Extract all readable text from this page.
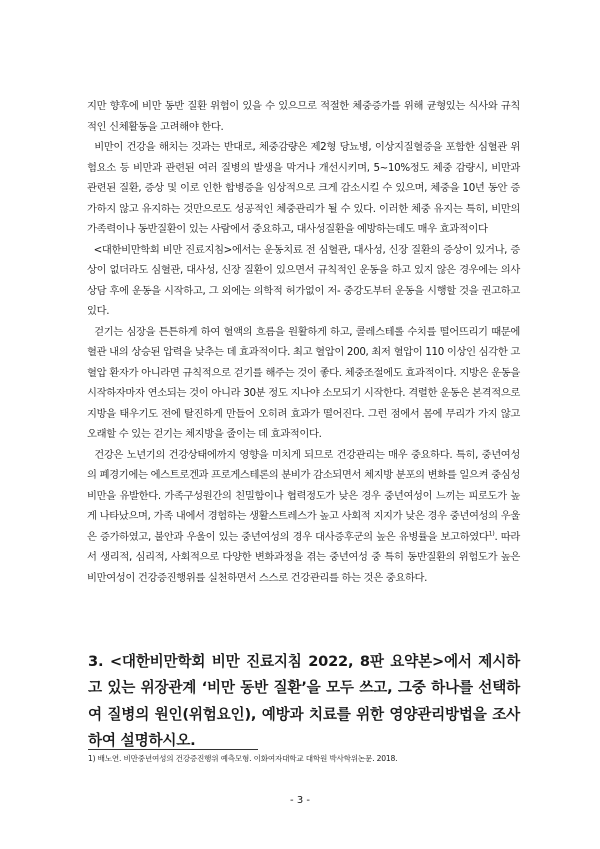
지만 향후에 비만 동반 질환 위험이 있을 수 있으므로 적절한 체중증가를 위해 균형있는 식사와 규칙적인 신체활동을 고려해야 한다.

비만이 건강을 해치는 것과는 반대로, 체중감량은 제2형 당뇨병, 이상지질혈증을 포함한 심혈관 위험요소 등 비만과 관련된 여러 질병의 발생을 막거나 개선시키며, 5~10%정도 체중 감량시, 비만과 관련된 질환, 증상 및 이로 인한 합병증을 임상적으로 크게 감소시킬 수 있으며, 체중을 10년 동안 증가하지 않고 유지하는 것만으로도 성공적인 체중관리가 될 수 있다. 이러한 체중 유지는 특히, 비만의 가족력이나 동반질환이 있는 사람에서 중요하고, 대사성질환을 예방하는데도 매우 효과적이다

<대한비만학회 비만 진료지침>에서는 운동치료 전 심혈관, 대사성, 신장 질환의 증상이 있거나, 증상이 없더라도 심혈관, 대사성, 신장 질환이 있으면서 규칙적인 운동을 하고 있지 않은 경우에는 의사 상담 후에 운동을 시작하고, 그 외에는 의학적 허가없이 저- 중강도부터 운동을 시행할 것을 권고하고 있다.

걷기는 심장을 튼튼하게 하여 혈액의 흐름을 원활하게 하고, 콜레스테롤 수치를 떨어뜨리기 때문에 혈관 내의 상승된 압력을 낮추는 데 효과적이다. 최고 혈압이 200, 최저 혈압이 110 이상인 심각한 고혈압 환자가 아니라면 규칙적으로 걷기를 해주는 것이 좋다. 체중조절에도 효과적이다. 지방은 운동을 시작하자마자 연소되는 것이 아니라 30분 정도 지나야 소모되기 시작한다. 격렬한 운동은 본격적으로 지방을 태우기도 전에 탈진하게 만들어 오히려 효과가 떨어진다. 그런 점에서 몸에 무리가 가지 않고 오래할 수 있는 걷기는 체지방을 줄이는 데 효과적이다.

건강은 노년기의 건강상태에까지 영향을 미치게 되므로 건강관리는 매우 중요하다. 특히, 중년여성의 폐경기에는 에스트로겐과 프로게스테론의 분비가 감소되면서 체지방 분포의 변화를 일으켜 중심성 비만을 유발한다. 가족구성원간의 친밀함이나 협력정도가 낮은 경우 중년여성이 느끼는 피로도가 높게 나타났으며, 가족 내에서 경험하는 생활스트레스가 높고 사회적 지지가 낮은 경우 중년여성의 우울은 증가하였고, 불안과 우울이 있는 중년여성의 경우 대사증후군의 높은 유병률을 보고하였다$^{1)}$. 따라서 생리적, 심리적, 사회적으로 다양한 변화과정을 겪는 중년여성 중 특히 동반질환의 위험도가 높은 비만여성이 건강증진행위를 실천하면서 스스로 건강관리를 하는 것은 중요하다.

3. <대한비만학회 비만 진료지침 2022, 8판 요약본>에서 제시하고 있는 위장관계 ‘비만 동반 질환’을 모두 쓰고, 그중 하나를 선택하여 질병의 원인(위험요인), 예방과 치료를 위한 영양관리방법을 조사하여 설명하시오.

1) 배노연. 비만중년여성의 건강증진행위 예측모형. 이화여자대학교 대학원 박사학위논문. 2018.

- 3 -
